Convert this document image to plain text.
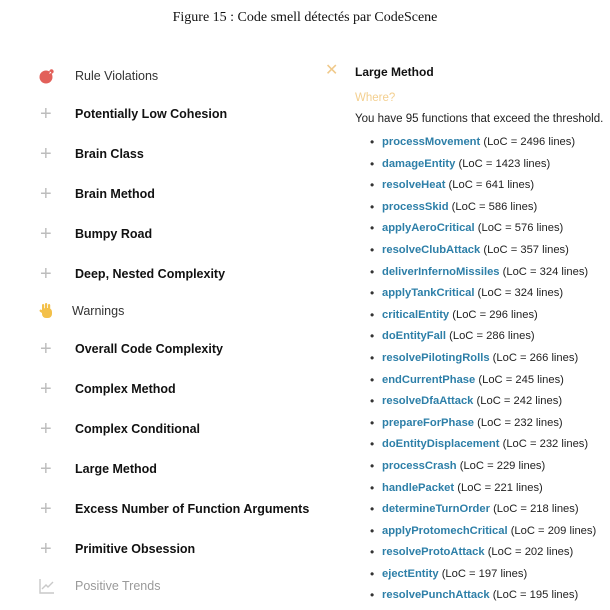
Figure 15 : Code smell détectés par CodeScene
Rule Violations
+	Potentially Low Cohesion
+	Brain Class
+	Brain Method
+	Bumpy Road
+	Deep, Nested Complexity
Warnings
+	Overall Code Complexity
+	Complex Method
+	Complex Conditional
+	Large Method
+	Excess Number of Function Arguments
+	Primitive Obsession
Positive Trends
✕ Large Method
Where?
You have 95 functions that exceed the threshold.
• processMovement (LoC = 2496 lines)
• damageEntity (LoC = 1423 lines)
• resolveHeat (LoC = 641 lines)
• processSkid (LoC = 586 lines)
• applyAeroCritical (LoC = 576 lines)
• resolveClubAttack (LoC = 357 lines)
• deliverInfernoMissiles (LoC = 324 lines)
• applyTankCritical (LoC = 324 lines)
• criticalEntity (LoC = 296 lines)
• doEntityFall (LoC = 286 lines)
• resolvePilotingRolls (LoC = 266 lines)
• endCurrentPhase (LoC = 245 lines)
• resolveDfaAttack (LoC = 242 lines)
• prepareForPhase (LoC = 232 lines)
• doEntityDisplacement (LoC = 232 lines)
• processCrash (LoC = 229 lines)
• handlePacket (LoC = 221 lines)
• determineTurnOrder (LoC = 218 lines)
• applyProtomechCritical (LoC = 209 lines)
• resolveProtoAttack (LoC = 202 lines)
• ejectEntity (LoC = 197 lines)
• resolvePunchAttack (LoC = 195 lines)
